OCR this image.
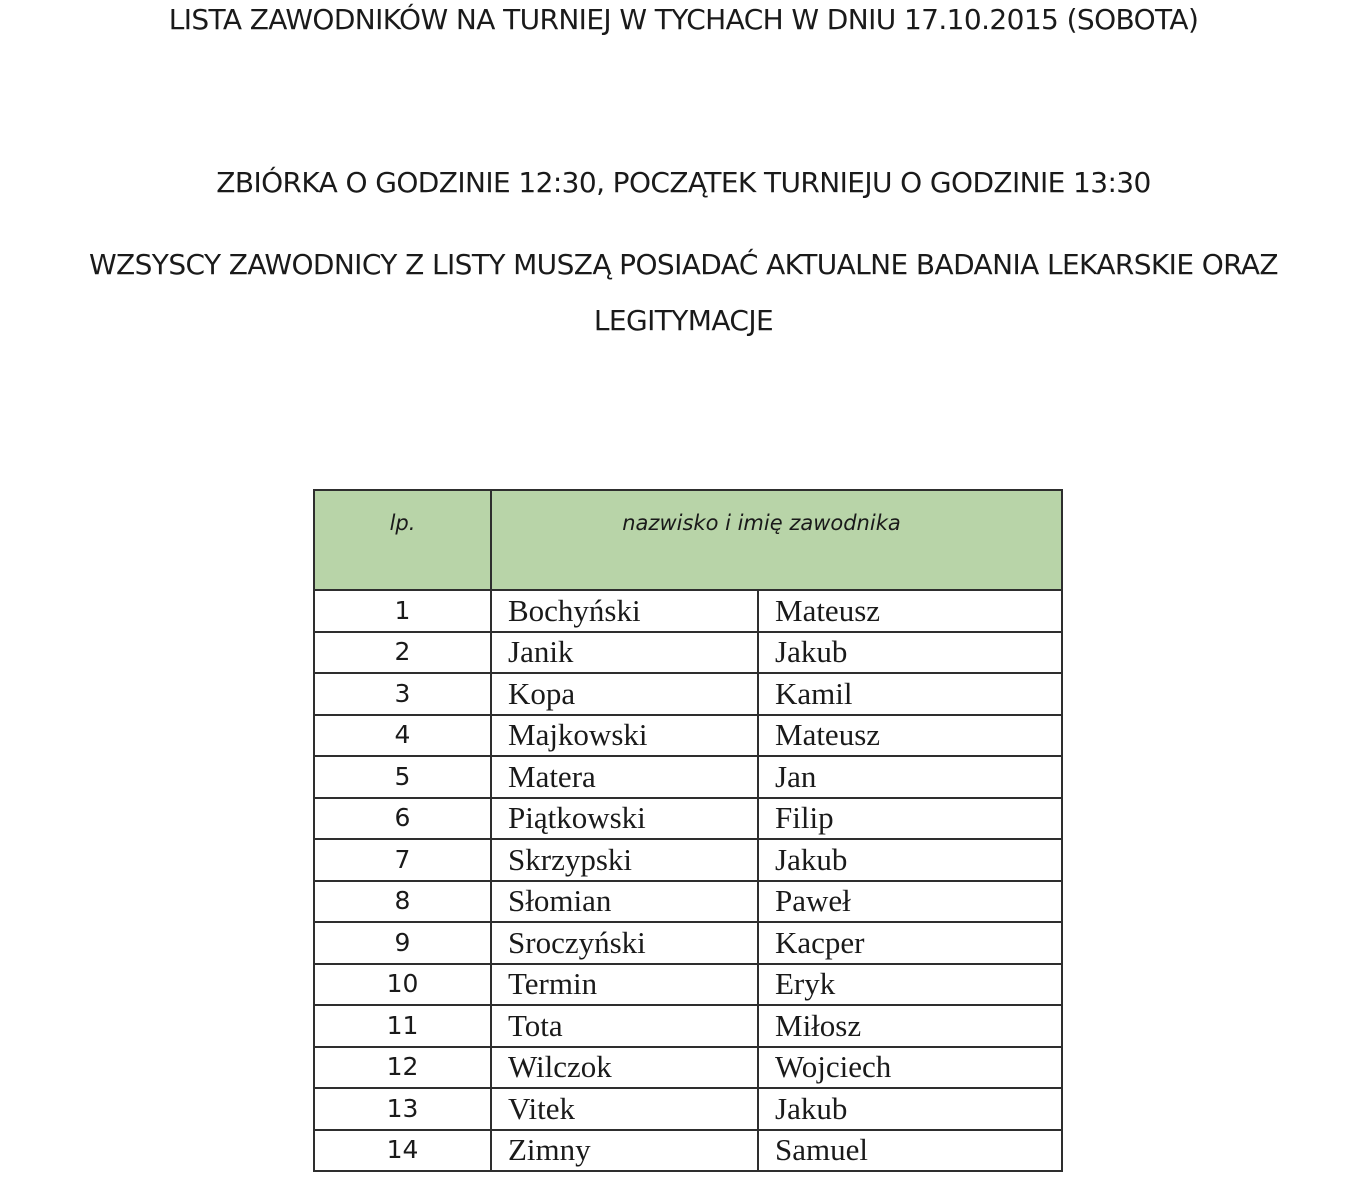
LISTA ZAWODNIKÓW NA TURNIEJ W TYCHACH W DNIU 17.10.2015 (SOBOTA)
ZBIÓRKA O GODZINIE 12:30, POCZĄTEK TURNIEJU O GODZINIE 13:30
WZSYSCY ZAWODNICY Z LISTY MUSZĄ POSIADAĆ AKTUALNE BADANIA LEKARSKIE ORAZ
LEGITYMACJE
lp.	nazwisko i imię zawodnika	
1	Bochyński	Mateusz
2	Janik	Jakub
3	Kopa	Kamil
4	Majkowski	Mateusz
5	Matera	Jan
6	Piątkowski	Filip
7	Skrzypski	Jakub
8	Słomian	Paweł
9	Sroczyński	Kacper
10	Termin	Eryk
11	Tota	Miłosz
12	Wilczok	Wojciech
13	Vitek	Jakub
14	Zimny	Samuel
